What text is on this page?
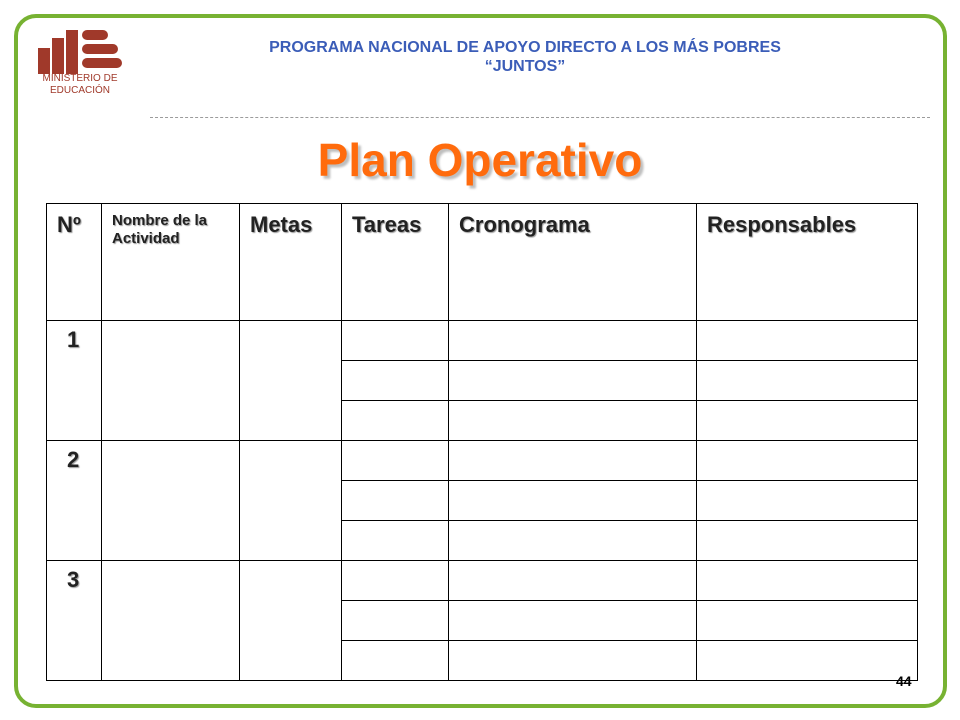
MINISTERIO DE
EDUCACIÓN
PROGRAMA NACIONAL DE APOYO DIRECTO A LOS MÁS POBRES
“JUNTOS”
Plan Operativo
Nº	Nombre de la Actividad	Metas	Tareas	Cronograma	Responsables

1					

2					

3					

44
